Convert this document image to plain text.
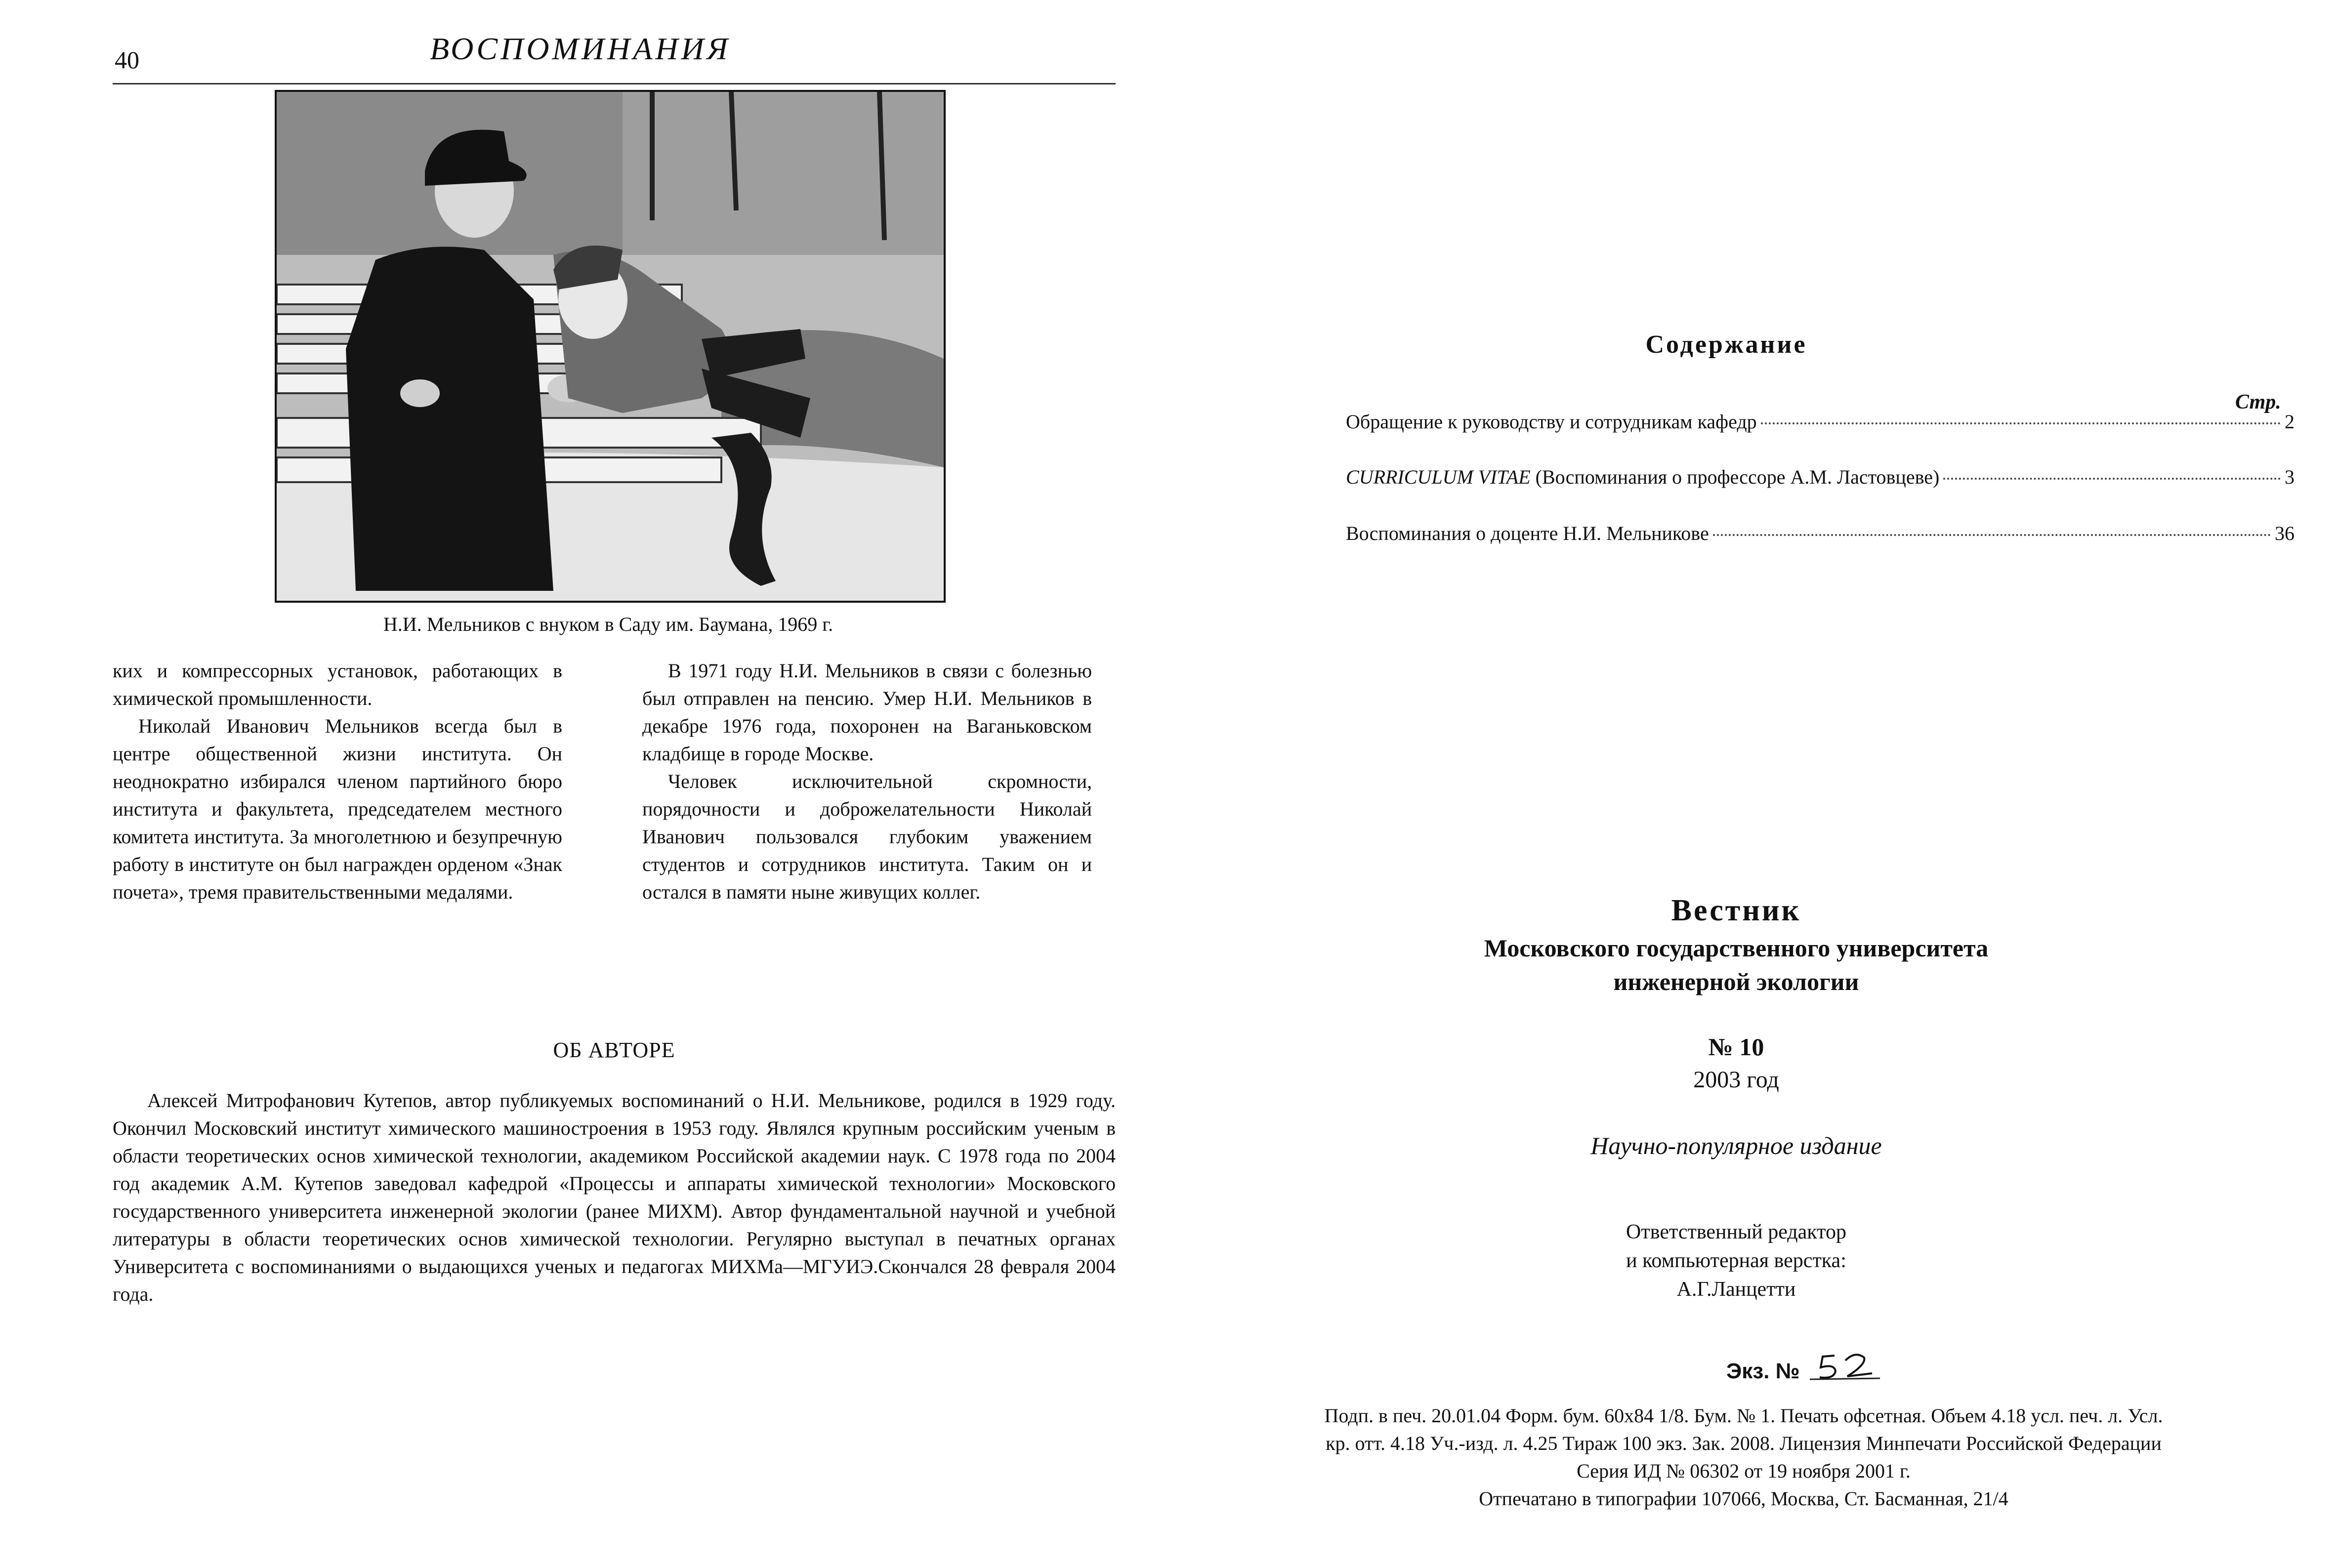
40	ВОСПОМИНАНИЯ
Н.И. Мельников с внуком в Саду им. Баумана, 1969 г.

ких и компрессорных установок, работающих в химической промышленности.

Николай Иванович Мельников всегда был в центре общественной жизни института. Он неоднократно избирался членом партийного бюро института и факультета, председателем местного комитета института. За многолетнюю и безупречную работу в институте он был награжден орденом «Знак почета», тремя правительственными медалями.

В 1971 году Н.И. Мельников в связи с болезнью был отправлен на пенсию. Умер Н.И. Мельников в декабре 1976 года, похоронен на Ваганьковском кладбище в городе Москве.

Человек исключительной скромности, порядочности и доброжелательности Николай Иванович пользовался глубоким уважением студентов и сотрудников института. Таким он и остался в памяти ныне живущих коллег.

ОБ АВТОРЕ

Алексей Митрофанович Кутепов, автор публикуемых воспоминаний о Н.И. Мельникове, родился в 1929 году. Окончил Московский институт химического машиностроения в 1953 году. Являлся крупным российским ученым в области теоретических основ химической технологии, академиком Российской академии наук. С 1978 года по 2004 год академик А.М. Кутепов заведовал кафедрой «Процессы и аппараты химической технологии» Московского государственного университета инженерной экологии (ранее МИХМ). Автор фундаментальной научной и учебной литературы в области теоретических основ химической технологии. Регулярно выступал в печатных органах Университета с воспоминаниями о выдающихся ученых и педагогах МИХМа—МГУИЭ.Скончался 28 февраля 2004 года.

Содержание
Стр.
Обращение к руководству и сотрудникам кафедр	2
CURRICULUM VITAE (Воспоминания о профессоре А.М. Ластовцеве)	3
Воспоминания о доценте Н.И. Мельникове	36
Вестник
Московского государственного университета
инженерной экологии
№ 10
2003 год
Научно-популярное издание
Ответственный редактор
и компьютерная верстка:
А.Г.Ланцетти
Экз. №
Подп. в печ. 20.01.04 Форм. бум. 60х84 1/8. Бум. № 1. Печать офсетная. Объем 4.18 усл. печ. л. Усл.
кр. отт. 4.18 Уч.-изд. л. 4.25 Тираж 100 экз. Зак. 2008. Лицензия Минпечати Российской Федерации
Серия ИД № 06302 от 19 ноября 2001 г.
Отпечатано в типографии 107066, Москва, Ст. Басманная, 21/4
